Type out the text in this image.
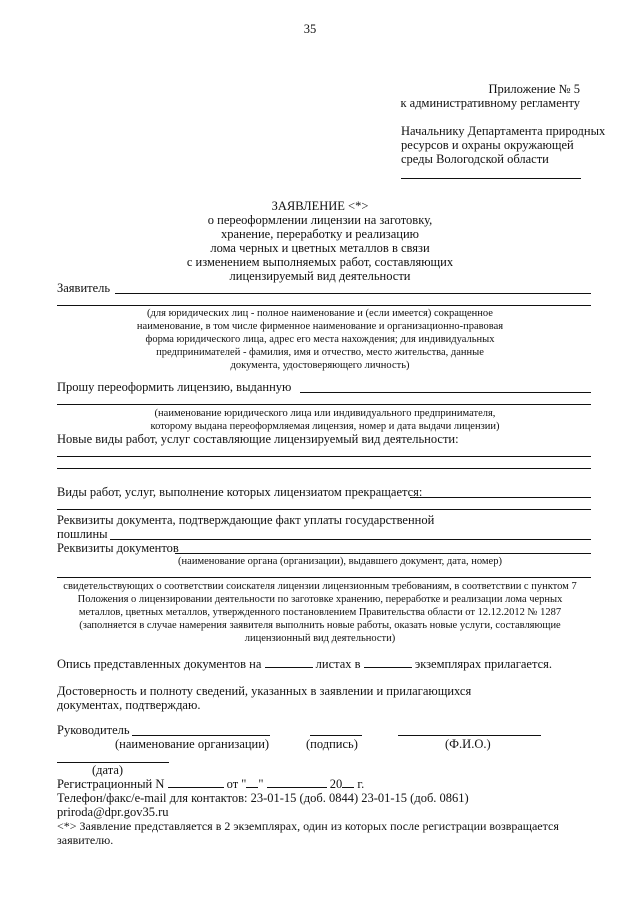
35
Приложение № 5
к административному регламенту
Начальнику Департамента природных
ресурсов и охраны окружающей
среды Вологодской области
ЗАЯВЛЕНИЕ <*>
о переоформлении лицензии на заготовку,
хранение, переработку и реализацию
лома черных и цветных металлов в связи
с изменением выполняемых работ, составляющих
лицензируемый вид деятельности
Заявитель
(для юридических лиц - полное наименование и (если имеется) сокращенное
наименование, в том числе фирменное наименование и организационно-правовая
форма юридического лица, адрес его места нахождения; для индивидуальных
предпринимателей - фамилия, имя и отчество, место жительства, данные
документа, удостоверяющего личность)
Прошу переоформить лицензию, выданную
(наименование юридического лица или индивидуального предпринимателя,
которому выдана переоформляемая лицензия, номер и дата выдачи лицензии)
Новые виды работ, услуг составляющие лицензируемый вид деятельности:
Виды работ, услуг, выполнение которых лицензиатом прекращается:
Реквизиты документа, подтверждающие факт уплаты государственной
пошлины
Реквизиты документов
(наименование органа (организации), выдавшего документ, дата, номер)
свидетельствующих о соответствии соискателя лицензии лицензионным требованиям, в соответствии с пунктом 7
Положения о лицензировании деятельности по заготовке хранению, переработке и реализации лома черных
металлов, цветных металлов, утвержденного постановлением Правительства области от 12.12.2012 № 1287
(заполняется в случае намерения заявителя выполнить новые работы, оказать новые услуги, составляющие
лицензионный вид деятельности)
Опись представленных документов на	листах в	экземплярах прилагается.
Достоверность и полноту сведений, указанных в заявлении и прилагающихся
документах, подтверждаю.
Руководитель
(наименование организации)	(подпись)	(Ф.И.О.)
(дата)
Регистрационный N	от " "	20 г.
Телефон/факс/e-mail для контактов: 23-01-15 (доб. 0844) 23-01-15 (доб. 0861)
priroda@dpr.gov35.ru
<*> Заявление представляется в 2 экземплярах, один из которых после регистрации возвращается
заявителю.
